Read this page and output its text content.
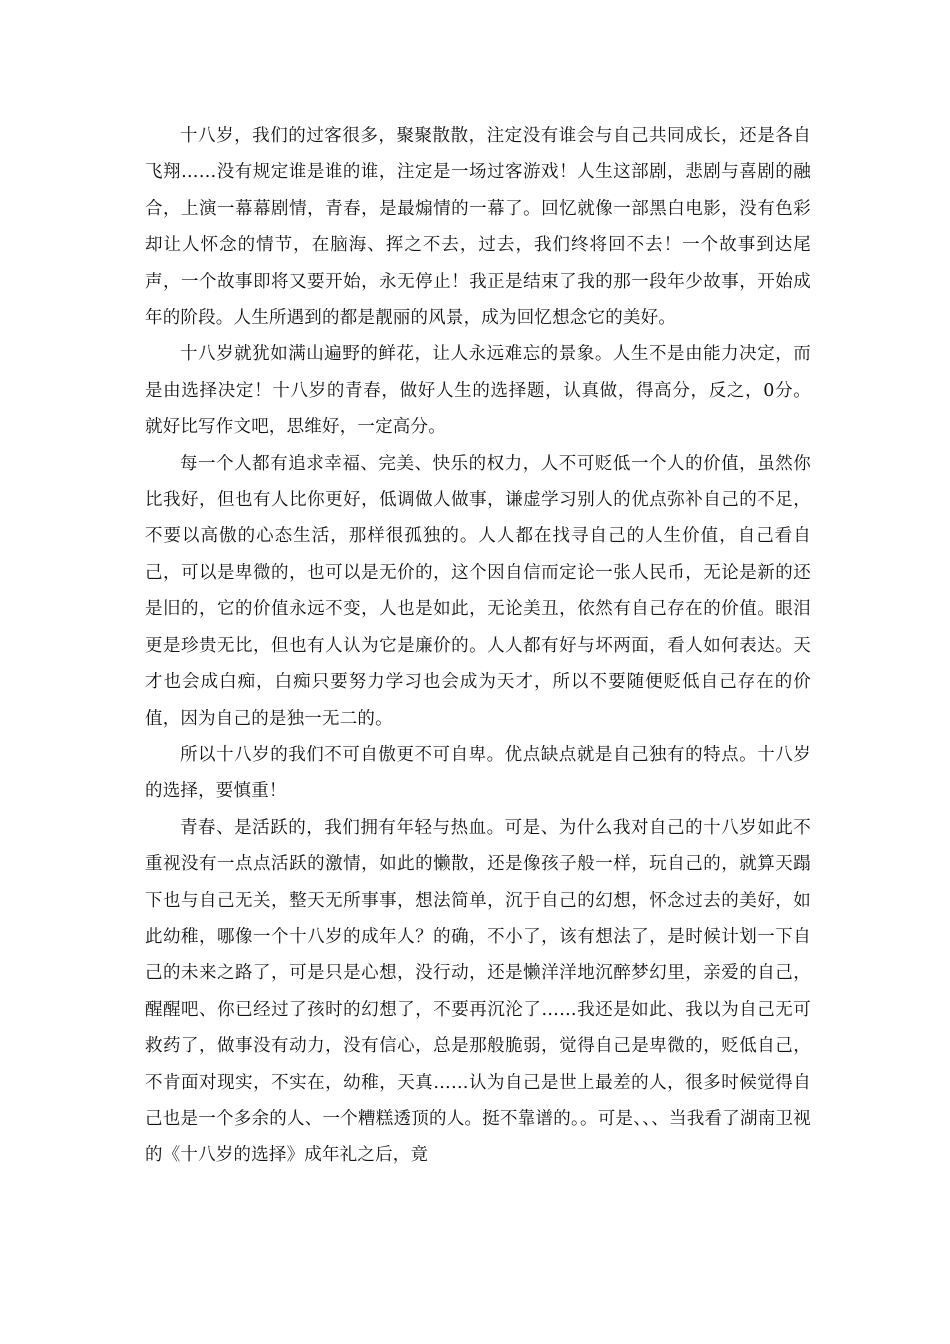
十八岁，我们的过客很多，聚聚散散，注定没有谁会与自己共同成长，还是各自飞翔……没有规定谁是谁的谁，注定是一场过客游戏！人生这部剧，悲剧与喜剧的融合，上演一幕幕剧情，青春，是最煽情的一幕了。回忆就像一部黑白电影，没有色彩却让人怀念的情节，在脑海、挥之不去，过去，我们终将回不去！一个故事到达尾声，一个故事即将又要开始，永无停止！我正是结束了我的那一段年少故事，开始成年的阶段。人生所遇到的都是靓丽的风景，成为回忆想念它的美好。

十八岁就犹如满山遍野的鲜花，让人永远难忘的景象。人生不是由能力决定，而是由选择决定！十八岁的青春，做好人生的选择题，认真做，得高分，反之，0分。就好比写作文吧，思维好，一定高分。

每一个人都有追求幸福、完美、快乐的权力，人不可贬低一个人的价值，虽然你比我好，但也有人比你更好，低调做人做事，谦虚学习别人的优点弥补自己的不足，不要以高傲的心态生活，那样很孤独的。人人都在找寻自己的人生价值，自己看自己，可以是卑微的，也可以是无价的，这个因自信而定论一张人民币，无论是新的还是旧的，它的价值永远不变，人也是如此，无论美丑，依然有自己存在的价值。眼泪更是珍贵无比，但也有人认为它是廉价的。人人都有好与坏两面，看人如何表达。天才也会成白痴，白痴只要努力学习也会成为天才，所以不要随便贬低自己存在的价值，因为自己的是独一无二的。

所以十八岁的我们不可自傲更不可自卑。优点缺点就是自己独有的特点。十八岁的选择，要慎重！

青春、是活跃的，我们拥有年轻与热血。可是、为什么我对自己的十八岁如此不重视没有一点点活跃的激情，如此的懒散，还是像孩子般一样，玩自己的，就算天蹋下也与自己无关，整天无所事事，想法简单，沉于自己的幻想，怀念过去的美好，如此幼稚，哪像一个十八岁的成年人？的确，不小了，该有想法了，是时候计划一下自己的未来之路了，可是只是心想，没行动，还是懒洋洋地沉醉梦幻里，亲爱的自己，醒醒吧、你已经过了孩时的幻想了，不要再沉沦了……我还是如此、我以为自己无可救药了，做事没有动力，没有信心，总是那般脆弱，觉得自己是卑微的，贬低自己，不肯面对现实，不实在，幼稚，天真……认为自己是世上最差的人，很多时候觉得自己也是一个多余的人、一个糟糕透顶的人。挺不靠谱的。。可是、、、当我看了湖南卫视的《十八岁的选择》成年礼之后，竟
